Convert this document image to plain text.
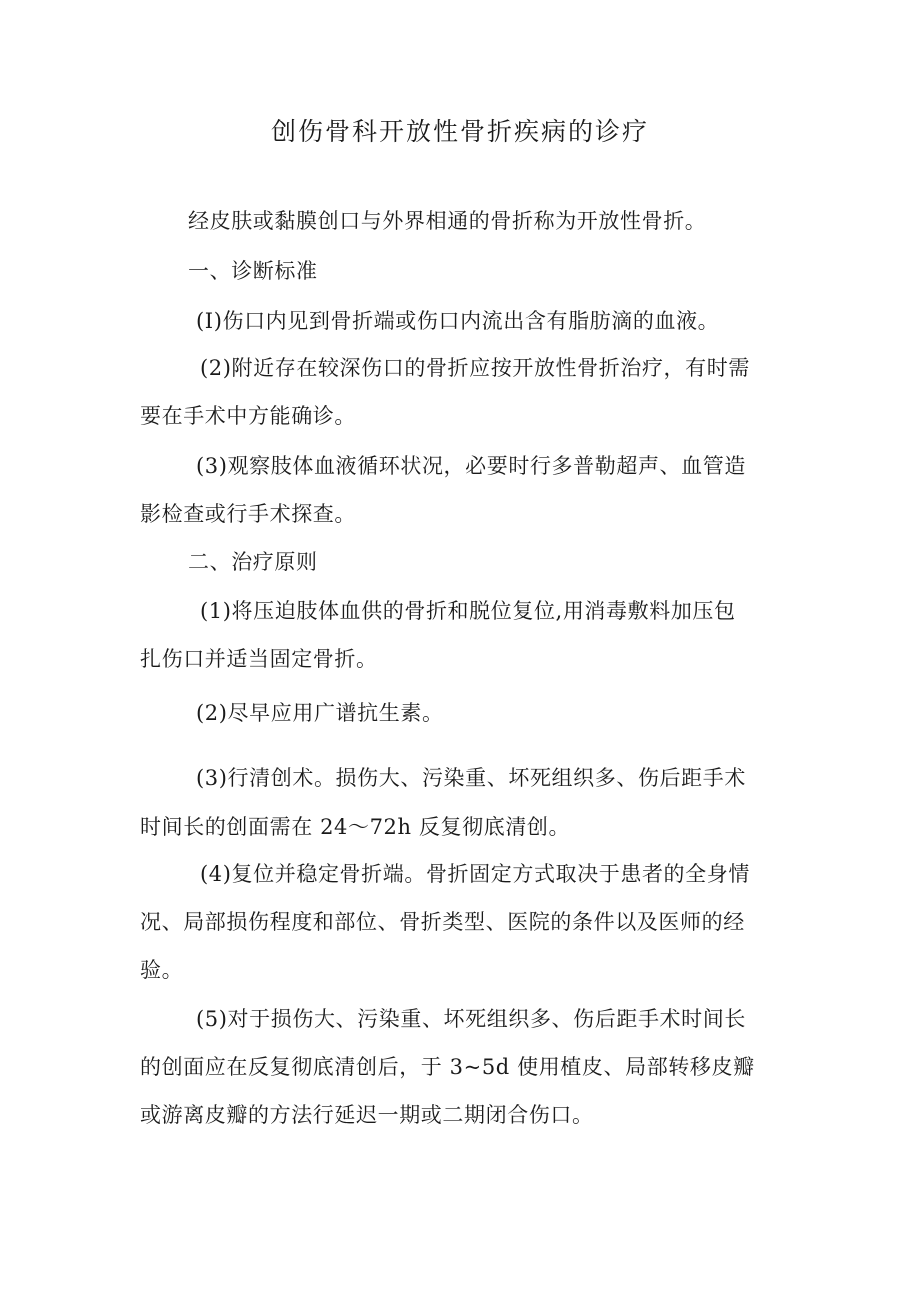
创伤骨科开放性骨折疾病的诊疗
经皮肤或黏膜创口与外界相通的骨折称为开放性骨折。
一、诊断标准
(I)伤口内见到骨折端或伤口内流出含有脂肪滴的血液。
(2)附近存在较深伤口的骨折应按开放性骨折治疗，有时需
要在手术中方能确诊。
(3)观察肢体血液循环状况，必要时行多普勒超声、血管造
影检查或行手术探查。
二、治疗原则
(1)将压迫肢体血供的骨折和脱位复位,用消毒敷料加压包
扎伤口并适当固定骨折。
(2)尽早应用广谱抗生素。
(3)行清创术。损伤大、污染重、坏死组织多、伤后距手术
时间长的创面需在 24～72h 反复彻底清创。
(4)复位并稳定骨折端。骨折固定方式取决于患者的全身情
况、局部损伤程度和部位、骨折类型、医院的条件以及医师的经
验。
(5)对于损伤大、污染重、坏死组织多、伤后距手术时间长
的创面应在反复彻底清创后，于 3~5d 使用植皮、局部转移皮瓣
或游离皮瓣的方法行延迟一期或二期闭合伤口。
